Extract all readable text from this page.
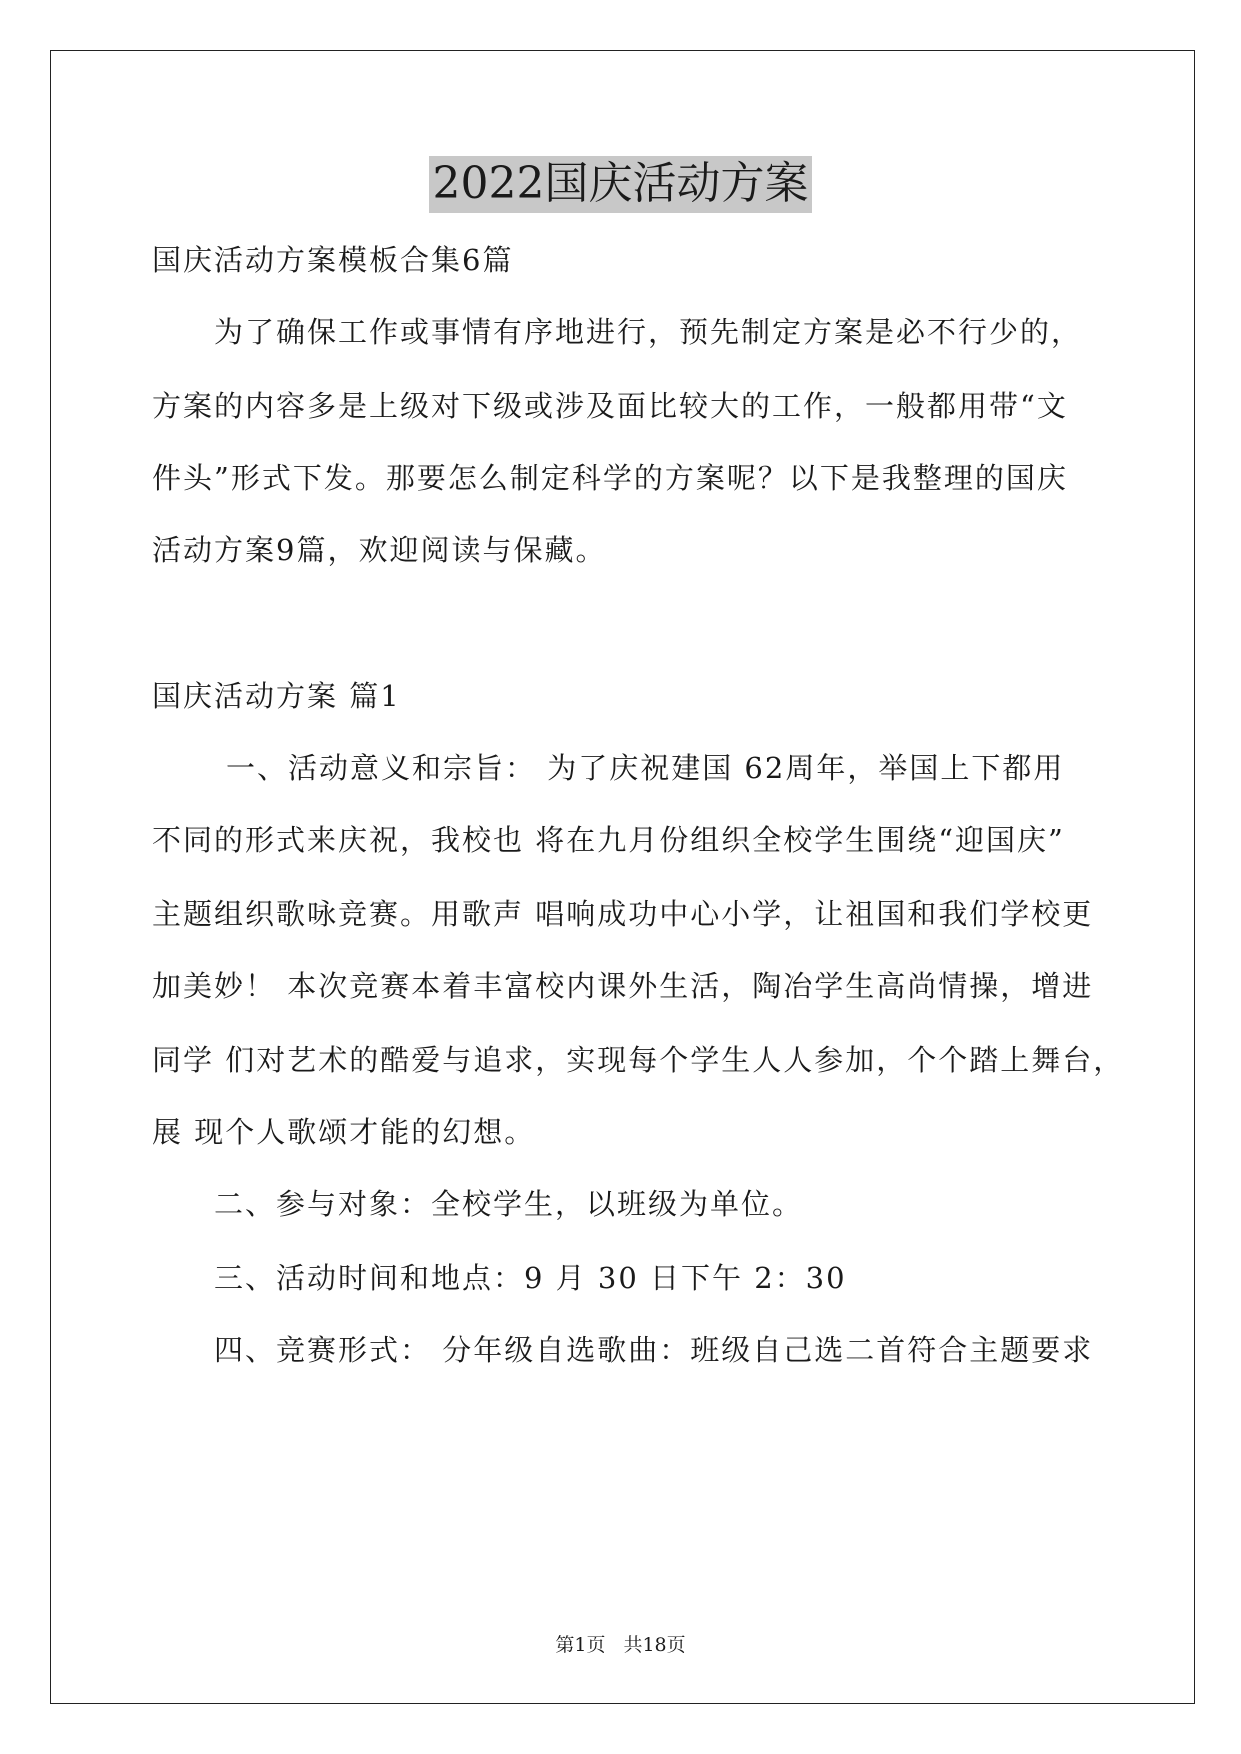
2022国庆活动方案
国庆活动方案模板合集6篇
为了确保工作或事情有序地进行，预先制定方案是必不行少的，
方案的内容多是上级对下级或涉及面比较大的工作，一般都用带“文
件头”形式下发。那要怎么制定科学的方案呢？以下是我整理的国庆
活动方案9篇，欢迎阅读与保藏。
国庆活动方案 篇1
一、活动意义和宗旨： 为了庆祝建国 62周年，举国上下都用
不同的形式来庆祝，我校也 将在九月份组织全校学生围绕“迎国庆”
主题组织歌咏竞赛。用歌声 唱响成功中心小学，让祖国和我们学校更
加美妙！ 本次竞赛本着丰富校内课外生活，陶冶学生高尚情操，增进
同学 们对艺术的酷爱与追求，实现每个学生人人参加，个个踏上舞台，
展 现个人歌颂才能的幻想。
二、参与对象：全校学生，以班级为单位。
三、活动时间和地点：9 月 30 日下午 2：30
四、竞赛形式： 分年级自选歌曲：班级自己选二首符合主题要求
第1页 共18页
